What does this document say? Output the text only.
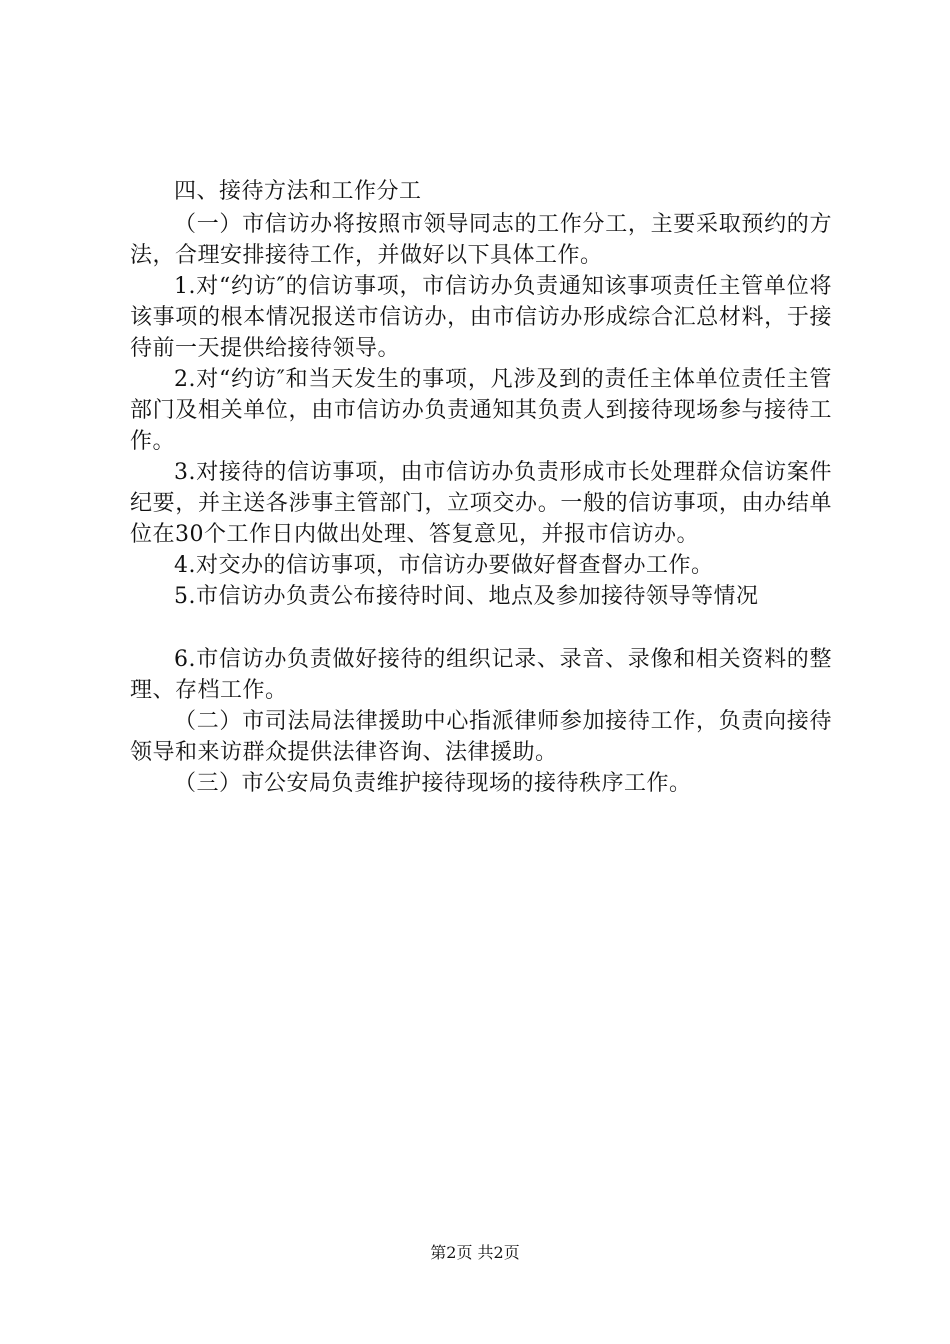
四、接待方法和工作分工

（一）市信访办将按照市领导同志的工作分工，主要采取预约的方法，合理安排接待工作，并做好以下具体工作。

1.对“约访″的信访事项，市信访办负责通知该事项责任主管单位将该事项的根本情况报送市信访办，由市信访办形成综合汇总材料，于接待前一天提供给接待领导。

2.对“约访″和当天发生的事项，凡涉及到的责任主体单位责任主管部门及相关单位，由市信访办负责通知其负责人到接待现场参与接待工作。

3.对接待的信访事项，由市信访办负责形成市长处理群众信访案件纪要，并主送各涉事主管部门，立项交办。一般的信访事项，由办结单位在30个工作日内做出处理、答复意见，并报市信访办。

4.对交办的信访事项，市信访办要做好督查督办工作。

5.市信访办负责公布接待时间、地点及参加接待领导等情况

6.市信访办负责做好接待的组织记录、录音、录像和相关资料的整理、存档工作。

（二）市司法局法律援助中心指派律师参加接待工作，负责向接待领导和来访群众提供法律咨询、法律援助。

（三）市公安局负责维护接待现场的接待秩序工作。

第2页 共2页
